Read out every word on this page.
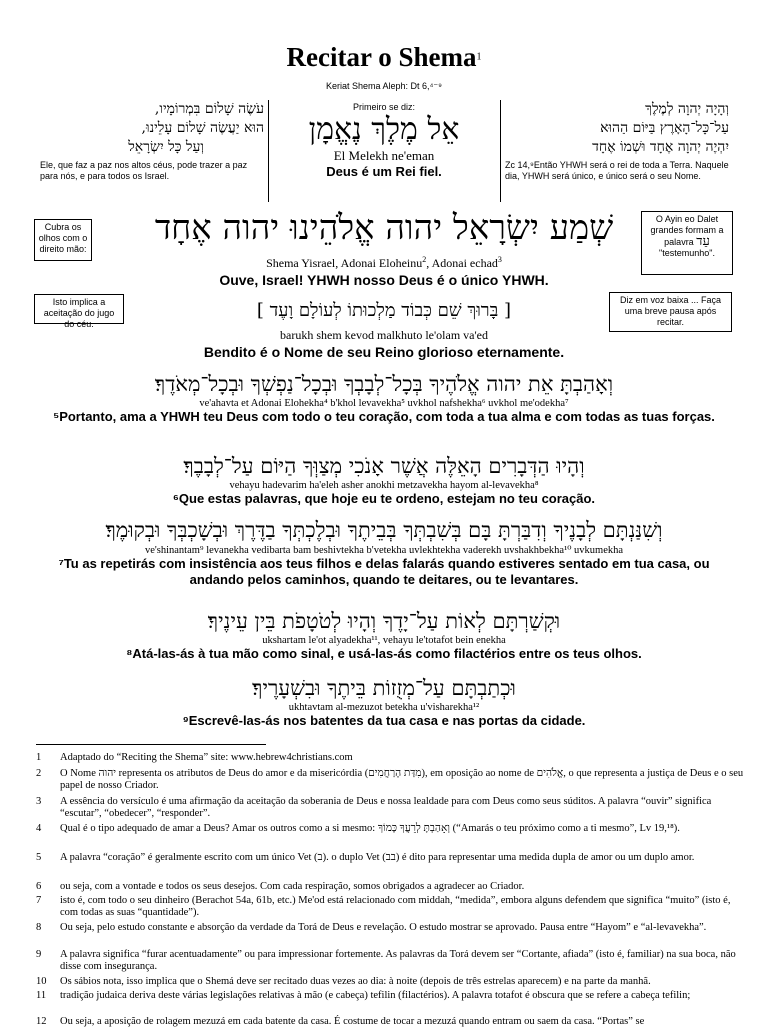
Recitar o Shema$^1$
Keriat Shema Aleph: Dt 6,⁴⁻⁹
עֹשֶׂה שָׁלוֹם בִּמְרוֹמָיו,
הוּא יַעֲשֶׂה שָׁלוֹם עָלֵינוּ,
וְעַל כָּל יִשְׂרָאֵל
Ele, que faz a paz nos altos céus, pode trazer a paz para nós, e para todos os Israel.
Primeiro se diz:
אֵל מֶלֶךְ נֶאֱמָן
El Melekh ne'eman
Deus é um Rei fiel.
וְהָיָה יְהוָה לְמֶלֶךְ
עַל־כָּל־הָאָרֶץ בַּיּוֹם הַהוּא
יִהְיֶה יְהוָה אֶחָד וּשְׁמוֹ אֶחָד
Zc 14,⁹Então YHWH será o rei de toda a Terra. Naquele dia, YHWH será único, e único será o seu Nome.
Cubra os olhos com o direito mão:
O Ayin eo Dalet grandes formam a palavra עֵד
"testemunho".
Isto implica a aceitação do jugo do céu.
Diz em voz baixa ... Faça uma breve pausa após recitar.
שְׁמַע יִשְׂרָאֵל יהוה אֱלֹהֵינוּ יהוה אֶחָד
Shema Yisrael, Adonai Eloheinu$^2$, Adonai echad$^3$
Ouve, Israel! YHWH nosso Deus é o único YHWH.
[ בָּרוּךְ שֵׁם כְּבוֹד מַלְכוּתוֹ לְעוֹלָם וָעֶד ]
barukh shem kevod malkhuto le'olam va'ed
Bendito é o Nome de seu Reino glorioso eternamente.
וְאָהַבְתָּ אֵת יהוה אֱלֹהֶיךָ בְּכָל־לְבָבְךָ וּבְכָל־נַפְשְׁךָ וּבְכָל־מְאֹדֶךָ׃
ve'ahavta et Adonai Elohekha⁴ b'khol levavekha⁵ uvkhol nafshekha⁶ uvkhol me'odekha⁷
⁵Portanto, ama a YHWH teu Deus com todo o teu coração, com toda a tua alma e com todas as tuas forças.
וְהָיוּ הַדְּבָרִים הָאֵלֶּה אֲשֶׁר אָנֹכִי מְצַוְּךָ הַיּוֹם עַל־לְבָבֶךָ׃
vehayu hadevarim ha'eleh asher anokhi metzavekha hayom al-levavekha⁸
⁶Que estas palavras, que hoje eu te ordeno, estejam no teu coração.
וְשִׁנַּנְתָּם לְבָנֶיךָ וְדִבַּרְתָּ בָּם בְּשִׁבְתְּךָ בְּבֵיתֶךָ וּבְלֶכְתְּךָ בַדֶּרֶךְ וּבְשָׁכְבְּךָ וּבְקוּמֶךָ׃
ve'shinantam⁹ levanekha vedibarta bam beshivtekha b'vetekha uvlekhtekha vaderekh uvshakhbekha¹⁰ uvkumekha
⁷Tu as repetirás com insistência aos teus filhos e delas falarás quando estiveres sentado em tua casa, ou andando pelos caminhos, quando te deitares, ou te levantares.
וּקְשַׁרְתָּם לְאוֹת עַל־יָדֶךָ וְהָיוּ לְטֹטָפֹת בֵּין עֵינֶיךָ׃
ukshartam le'ot alyadekha¹¹, vehayu le'totafot bein enekha
⁸Atá-las-ás à tua mão como sinal, e usá-las-ás como filactérios entre os teus olhos.
וּכְתַבְתָּם עַל־מְזֻזוֹת בֵּיתֶךָ וּבִשְׁעָרֶיךָ׃
ukhtavtam al-mezuzot betekha u'visharekha¹²
⁹Escrevê-las-ás nos batentes da tua casa e nas portas da cidade.
1	Adaptado do “Reciting the Shema” site: www.hebrew4christians.com
2	O Nome יהוה representa os atributos de Deus do amor e da misericórdia (מִדַּת הָרַחֲמִים), em oposição ao nome de אֱלֹהִים, o que representa a justiça de Deus e o seu papel de nosso Criador.
3	A essência do versículo é uma afirmação da aceitação da soberania de Deus e nossa lealdade para com Deus como seus súditos. A palavra “ouvir” significa “escutar”, “obedecer”, “responder”.
4	Qual é o tipo adequado de amar a Deus? Amar os outros como a si mesmo: וְאָהַבְתָּ לְרֵעֲךָ כָּמוֹךָ (“Amarás o teu próximo como a ti mesmo”, Lv 19,¹⁸).
5	A palavra “coração” é geralmente escrito com um único Vet (ב). o duplo Vet (בב) é dito para representar uma medida dupla de amor ou um duplo amor.
6	ou seja, com a vontade e todos os seus desejos. Com cada respiração, somos obrigados a agradecer ao Criador.
7	isto é, com todo o seu dinheiro (Berachot 54a, 61b, etc.) Me'od está relacionado com middah, “medida”, embora alguns defendem que significa “muito” (isto é, com todas as suas “quantidade”).
8	Ou seja, pelo estudo constante e absorção da verdade da Torá de Deus e revelação. O estudo mostrar se aprovado. Pausa entre “Hayom” e “al-levavekha”.
9	A palavra significa “furar acentuadamente” ou para impressionar fortemente. As palavras da Torá devem ser “Cortante, afiada” (isto é, familiar) na sua boca, não disse com insegurança.
10	Os sábios nota, isso implica que o Shemá deve ser recitado duas vezes ao dia: à noite (depois de três estrelas aparecem) e na parte da manhã.
11	tradição judaica deriva deste várias legislações relativas à mão (e cabeça) tefilin (filactérios). A palavra totafot é obscura que se refere a cabeça tefilin;
12	Ou seja, a aposição de rolagem mezuzá em cada batente da casa. É costume de tocar a mezuzá quando entram ou saem da casa. “Portas” se
